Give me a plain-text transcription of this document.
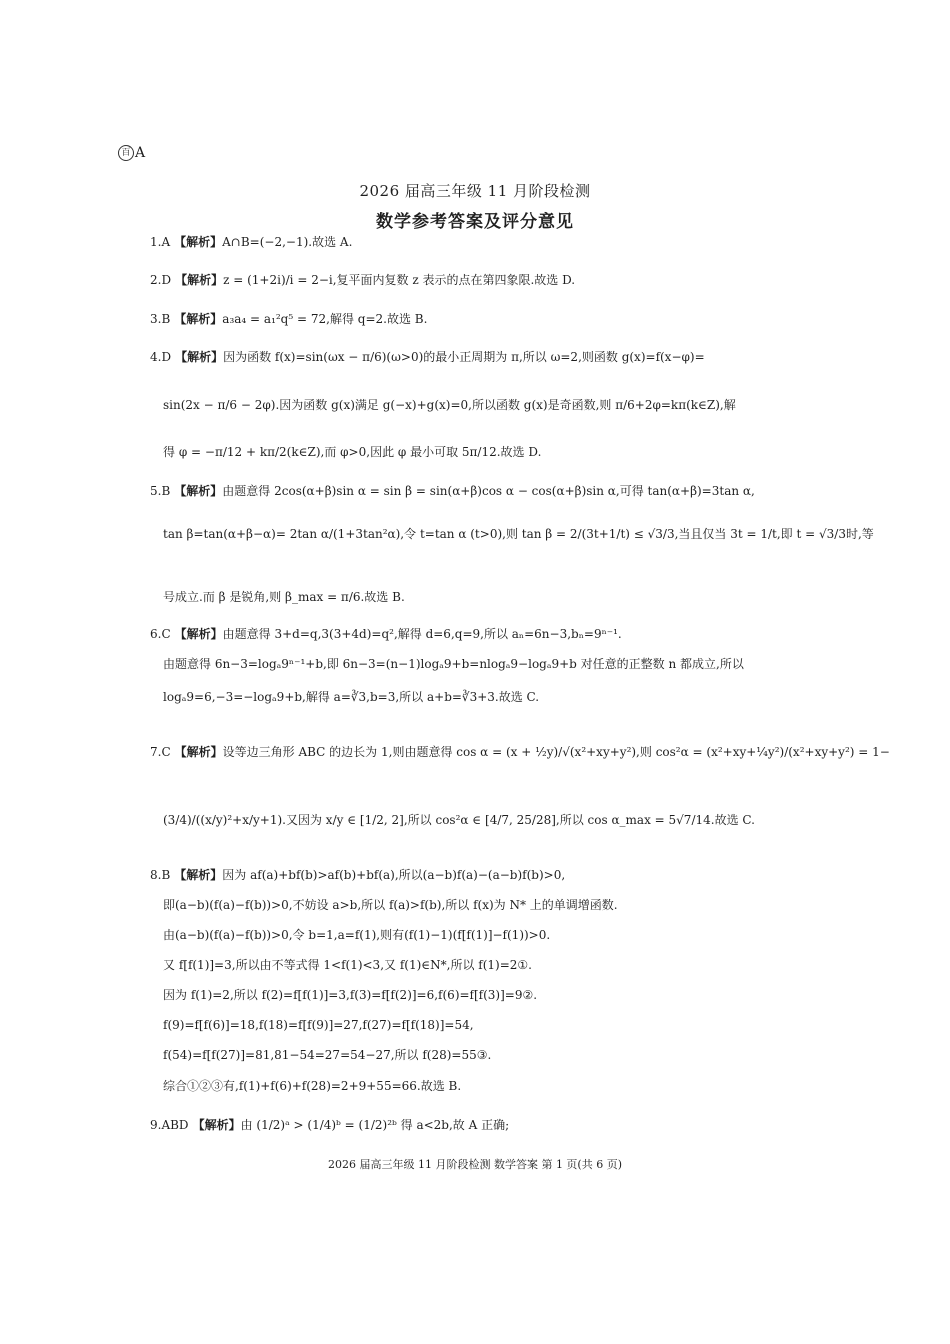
百 A
2026 届高三年级 11 月阶段检测
数学参考答案及评分意见
1.A 【解析】A∩B=(−2,−1).故选 A.
2.D 【解析】z = (1+2i)/i = 2−i,复平面内复数 z 表示的点在第四象限.故选 D.
3.B 【解析】a₃a₄ = a₁²q⁵ = 72,解得 q=2.故选 B.
4.D 【解析】因为函数 f(x)=sin(ωx − π/6)(ω>0)的最小正周期为 π,所以 ω=2,则函数 g(x)=f(x−φ)=
sin(2x − π/6 − 2φ).因为函数 g(x)满足 g(−x)+g(x)=0,所以函数 g(x)是奇函数,则 π/6+2φ=kπ(k∈Z),解
得 φ = −π/12 + kπ/2(k∈Z),而 φ>0,因此 φ 最小可取 5π/12.故选 D.
5.B 【解析】由题意得 2cos(α+β)sin α = sin β = sin(α+β)cos α − cos(α+β)sin α,可得 tan(α+β)=3tan α,
tan β=tan(α+β−α)= 2tan α/(1+3tan²α),令 t=tan α (t>0),则 tan β = 2/(3t+1/t) ≤ √3/3,当且仅当 3t = 1/t,即 t = √3/3时,等
号成立.而 β 是锐角,则 β_max = π/6.故选 B.
6.C 【解析】由题意得 3+d=q,3(3+4d)=q²,解得 d=6,q=9,所以 aₙ=6n−3,bₙ=9ⁿ⁻¹.
由题意得 6n−3=logₐ9ⁿ⁻¹+b,即 6n−3=(n−1)logₐ9+b=nlogₐ9−logₐ9+b 对任意的正整数 n 都成立,所以
logₐ9=6,−3=−logₐ9+b,解得 a=∛3,b=3,所以 a+b=∛3+3.故选 C.
7.C 【解析】设等边三角形 ABC 的边长为 1,则由题意得 cos α = (x + ½y)/√(x²+xy+y²),则 cos²α = (x²+xy+¼y²)/(x²+xy+y²) = 1−
(3/4)/((x/y)²+x/y+1).又因为 x/y ∈ [1/2, 2],所以 cos²α ∈ [4/7, 25/28],所以 cos α_max = 5√7/14.故选 C.
8.B 【解析】因为 af(a)+bf(b)>af(b)+bf(a),所以(a−b)f(a)−(a−b)f(b)>0,
即(a−b)(f(a)−f(b))>0,不妨设 a>b,所以 f(a)>f(b),所以 f(x)为 N* 上的单调增函数.
由(a−b)(f(a)−f(b))>0,令 b=1,a=f(1),则有(f(1)−1)(f[f(1)]−f(1))>0.
又 f[f(1)]=3,所以由不等式得 1<f(1)<3,又 f(1)∈N*,所以 f(1)=2①.
因为 f(1)=2,所以 f(2)=f[f(1)]=3,f(3)=f[f(2)]=6,f(6)=f[f(3)]=9②.
f(9)=f[f(6)]=18,f(18)=f[f(9)]=27,f(27)=f[f(18)]=54,
f(54)=f[f(27)]=81,81−54=27=54−27,所以 f(28)=55③.
综合①②③有,f(1)+f(6)+f(28)=2+9+55=66.故选 B.
9.ABD 【解析】由 (1/2)ᵃ > (1/4)ᵇ = (1/2)²ᵇ 得 a<2b,故 A 正确;
2026 届高三年级 11 月阶段检测 数学答案 第 1 页(共 6 页)
